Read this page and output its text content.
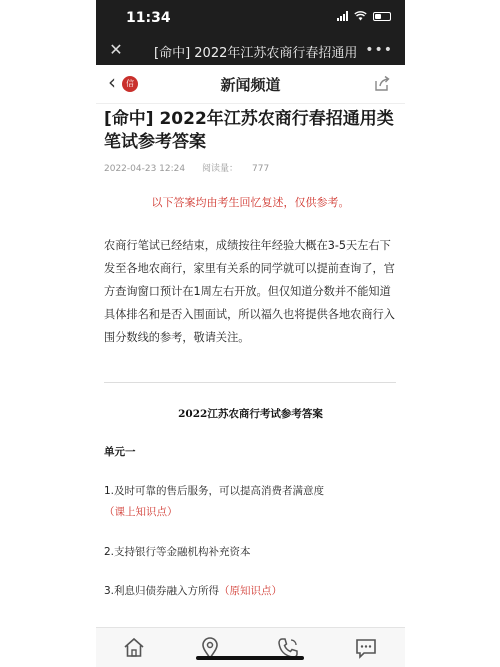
11:34
✕ [命中] 2022年江苏农商行春招通用 •••
‹	信	新闻频道
[命中] 2022年江苏农商行春招通用类笔试参考答案
2022-04-23 12:24 阅读量： 777
以下答案均由考生回忆复述，仅供参考。
农商行笔试已经结束，成绩按往年经验大概在3-5天左右下发至各地农商行，家里有关系的同学就可以提前查询了，官方查询窗口预计在1周左右开放。但仅知道分数并不能知道具体排名和是否入围面试，所以福久也将提供各地农商行入围分数线的参考，敬请关注。
2022江苏农商行考试参考答案
单元一
1.及时可靠的售后服务，可以提高消费者满意度（课上知识点）
2.支持银行等金融机构补充资本
3.利息归债券融入方所得（原知识点）
